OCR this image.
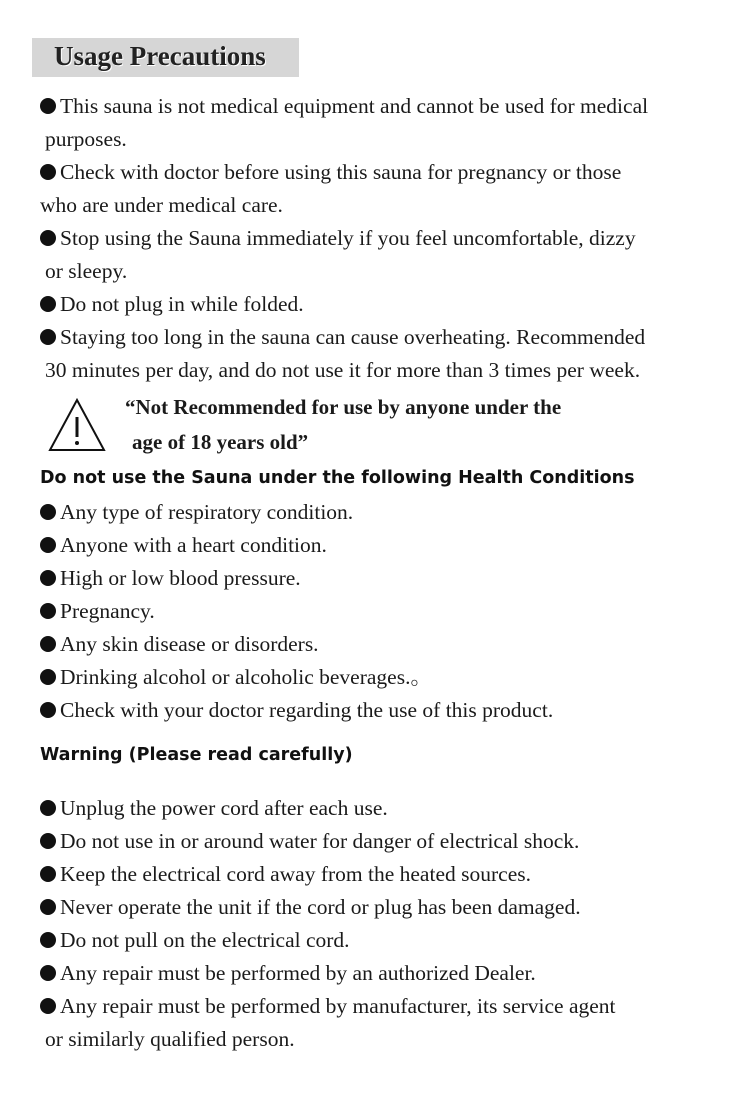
Usage Precautions
This sauna is not medical equipment and cannot be used for medical
purposes.
Check with doctor before using this sauna for pregnancy or those
who are under medical care.
Stop using the Sauna immediately if you feel uncomfortable, dizzy
or sleepy.
Do not plug in while folded.
Staying too long in the sauna can cause overheating. Recommended
30 minutes per day, and do not use it for more than 3 times per week.
“Not Recommended for use by anyone under the
age of 18 years old”
Do not use the Sauna under the following Health Conditions
Any type of respiratory condition.
Anyone with a heart condition.
High or low blood pressure.
Pregnancy.
Any skin disease or disorders.
Drinking alcohol or alcoholic beverages.。
Check with your doctor regarding the use of this product.
Warning (Please read carefully)
Unplug the power cord after each use.
Do not use in or around water for danger of electrical shock.
Keep the electrical cord away from the heated sources.
Never operate the unit if the cord or plug has been damaged.
Do not pull on the electrical cord.
Any repair must be performed by an authorized Dealer.
Any repair must be performed by manufacturer, its service agent
or similarly qualified person.
